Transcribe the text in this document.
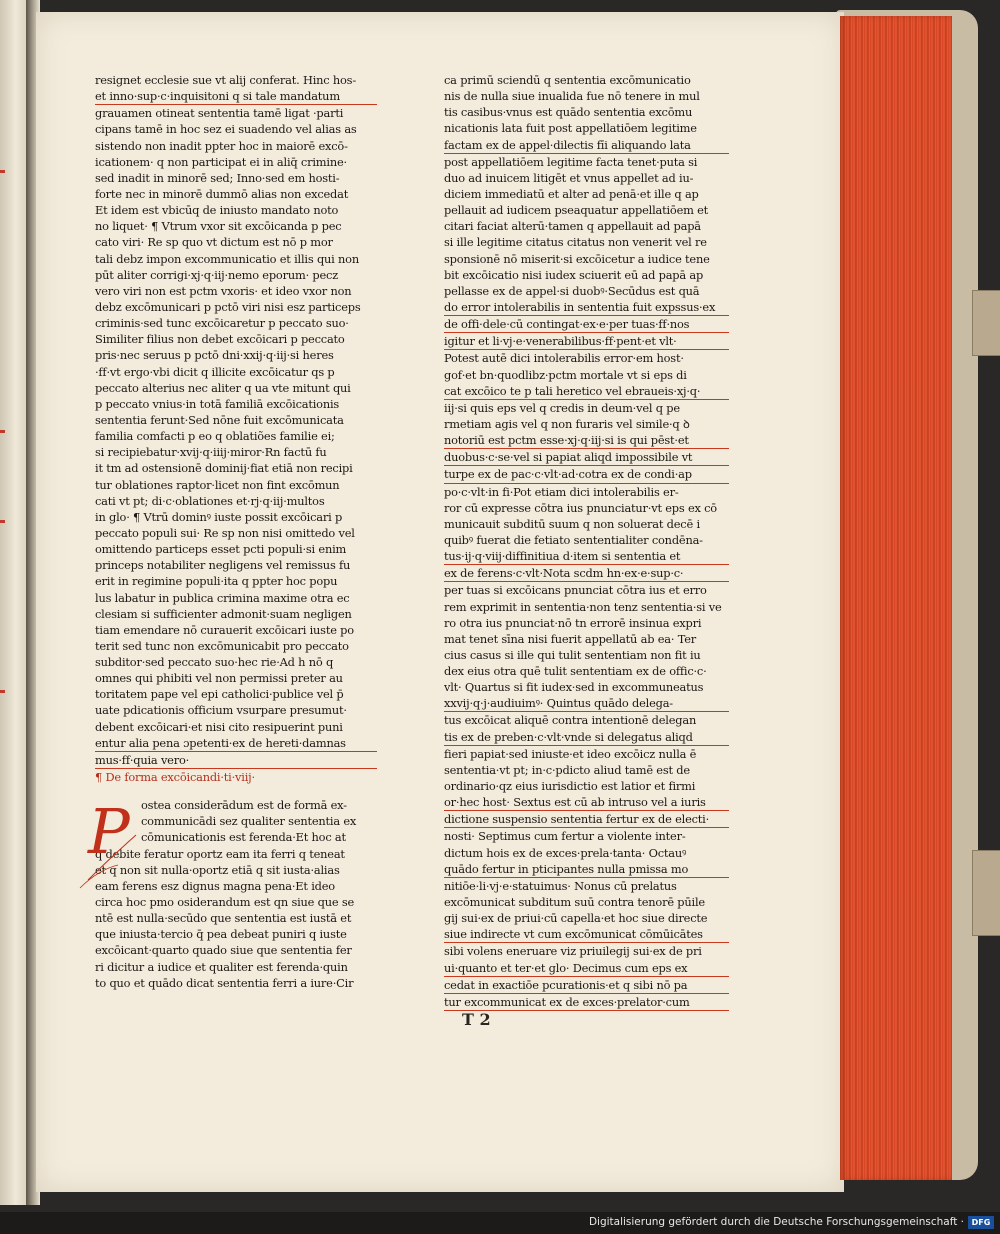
resignet ecclesie sue vt alij conferat. Hinc hos-
et inno·sup·c·inquisitoni q si tale mandatum
grauamen otineat sententia tamē ligat ·parti
cipans tamē in hoc sez ei suadendo vel alias as
sistendo non inadit ppter hoc in maiorē excō-
icationem· q non participat ei in aliq̄ crimine·
sed inadit in minorē sed; Inno·sed em hosti-
forte nec in minorē dummō alias non excedat
Et idem est vbicūq de iniusto mandato noto
no liquet· ¶ Vtrum vxor sit excōicanda p pec
cato viri· Re sp quo vt dictum est nō p mor
tali debz impon excommunicatio et illis qui non
pūt aliter corrigi·xj·q·iij·nemo eporum· pecz
vero viri non est pctm vxoris· et ideo vxor non
debz excōmunicari p pctō viri nisi esz particeps
criminis·sed tunc excōicaretur p peccato suo·
Similiter filius non debet excōicari p peccato
pris·nec seruus p pctō dni·xxij·q·iij·si heres
·ff·vt ergo·vbi dicit q illicite excōicatur qs p
peccato alterius nec aliter q ua vte mitunt qui
p peccato vnius·in totā familiā excōicationis
sententia ferunt·Sed nōne fuit excōmunicata
familia comfacti p eo q oblatiões familie ei;
si recipiebatur·xvij·q·iiij·miror·Rn factū fu
it tm ad ostensionē dominij·fiat etiā non recipi
tur oblationes raptor·licet non fint excōmun
cati vt pt; di·c·oblationes et·rj·q·iij·multos
in glo· ¶ Vtrū dominꝰ iuste possit excōicari p
peccato populi sui· Re sp non nisi omittedo vel
omittendo particeps esset pcti populi·si enim
princeps notabiliter negligens vel remissus fu
erit in regimine populi·ita q ppter hoc popu
lus labatur in publica crimina maxime otra ec
clesiam si sufficienter admonit·suam negligen
tiam emendare nō curauerit excōicari iuste po
terit sed tunc non excōmunicabit pro peccato
subditor·sed peccato suo·hec rie·Ad h nō q
omnes qui phibiti vel non permissi preter au
toritatem pape vel epi catholici·publice vel p̄
uate pdicationis officium vsurpare presumut·
debent excōicari·et nisi cito resipuerint puni
entur alia pena ɔpetenti·ex de hereti·damnas
mus·ff·quia vero·
¶ De forma excōicandi·ti·viij·
ostea considerādum est de formā ex-
communicādi sez qualiter sententia ex
cōmunicationis est ferenda·Et hoc at
q debite feratur oportz eam ita ferri q teneat
et q non sit nulla·oportz etiā q sit iusta·alias
eam ferens esz dignus magna pena·Et ideo
circa hoc pmo osiderandum est qn siue que se
ntē est nulla·secūdo que sententia est iustā et
que iniusta·tercio q̄ pea debeat puniri q iuste
excōicant·quarto quado siue que sententia fer
ri dicitur a iudice et qualiter est ferenda·quin
to quo et quādo dicat sententia ferri a iure·Cir
ca primū sciendū q sententia excōmunicatio
nis de nulla siue inualida fue nō tenere in mul
tis casibus·vnus est quādo sententia excōmu
nicationis lata fuit post appellatiōem legitime
factam ex de appel·dilectis fīi aliquando lata
post appellatiōem legitime facta tenet·puta si
duo ad inuicem litigēt et vnus appellet ad iu-
diciem immediatū et alter ad penā·et ille q ap
pellauit ad iudicem pseaquatur appellatiōem et
citari faciat alterū·tamen q appellauit ad papā
si ille legitime citatus citatus non venerit vel re
sponsionē nō miserit·si excōicetur a iudice tene
bit excōicatio nisi iudex sciuerit eū ad papā ap
pellasse ex de appel·si duobꝰ·Secūdus est quā
do error intolerabilis in sententia fuit expssus·ex
de offi·dele·cū contingat·ex·e·per tuas·ff·nos
igitur et li·vj·e·venerabilibus·ff·pent·et vlt·
Potest autē dici intolerabilis error·em host·
gof·et bn·quodlibz·pctm mortale vt si eps di
cat excōico te p tali heretico vel ebraueis·xj·q·
iij·si quis eps vel q credis in deum·vel q pe
rmetiam agis vel q non furaris vel simile·q ꝺ
notoriū est pctm esse·xj·q·iij·si is qui pēst·et
duobus·c·se·vel si papiat aliqd impossibile vt
turpe ex de pac·c·vlt·ad·cotra ex de condi·ap
po·c·vlt·in fi·Pot etiam dici intolerabilis er-
ror cū expresse cōtra ius pnunciatur·vt eps ex cō
municauit subditū suum q non soluerat decē i
quibꝰ fuerat die fetiato sententialiter condēna-
tus·ij·q·viij·diffinitiua d·item si sententia et
ex de ferens·c·vlt·Nota scdm hn·ex·e·sup·c·
per tuas si excōicans pnunciat cōtra ius et erro
rem exprimit in sententia·non tenz sententia·si ve
ro otra ius pnunciat·nō tn errorē insinua expri
mat tenet sīna nisi fuerit appellatū ab ea· Ter
cius casus si ille qui tulit sententiam non fit iu
dex eius otra quē tulit sententiam ex de offic·c·
vlt· Quartus si fit iudex·sed in excommuneatus
xxvij·q·j·audiuimꝰ· Quintus quādo delega-
tus excōicat aliquē contra intentionē delegan
tis ex de preben·c·vlt·vnde si delegatus aliqd
fieri papiat·sed iniuste·et ideo excōicz nulla ē
sententia·vt pt; in·c·pdicto aliud tamē est de
ordinario·qz eius iurisdictio est latior et firmi
or·hec host· Sextus est cū ab intruso vel a iuris
dictione suspensio sententia fertur ex de electi·
nosti· Septimus cum fertur a violente inter-
dictum hois ex de exces·prela·tanta· Octauꝰ
quādo fertur in pticipantes nulla pmissa mo
nitiōe·li·vj·e·statuimus· Nonus cū prelatus
excōmunicat subditum suū contra tenorē pūile
gij sui·ex de priui·cū capella·et hoc siue directe
siue indirecte vt cum excōmunicat cōmūicātes
sibi volens eneruare viz priuilegij sui·ex de pri
ui·quanto et ter·et glo· Decimus cum eps ex
cedat in exactiōe pcurationis·et q sibi nō pa
tur excommunicat ex de exces·prelator·cum
P
T 2
Digitalisierung gefördert durch die Deutsche Forschungsgemeinschaft · DFG
